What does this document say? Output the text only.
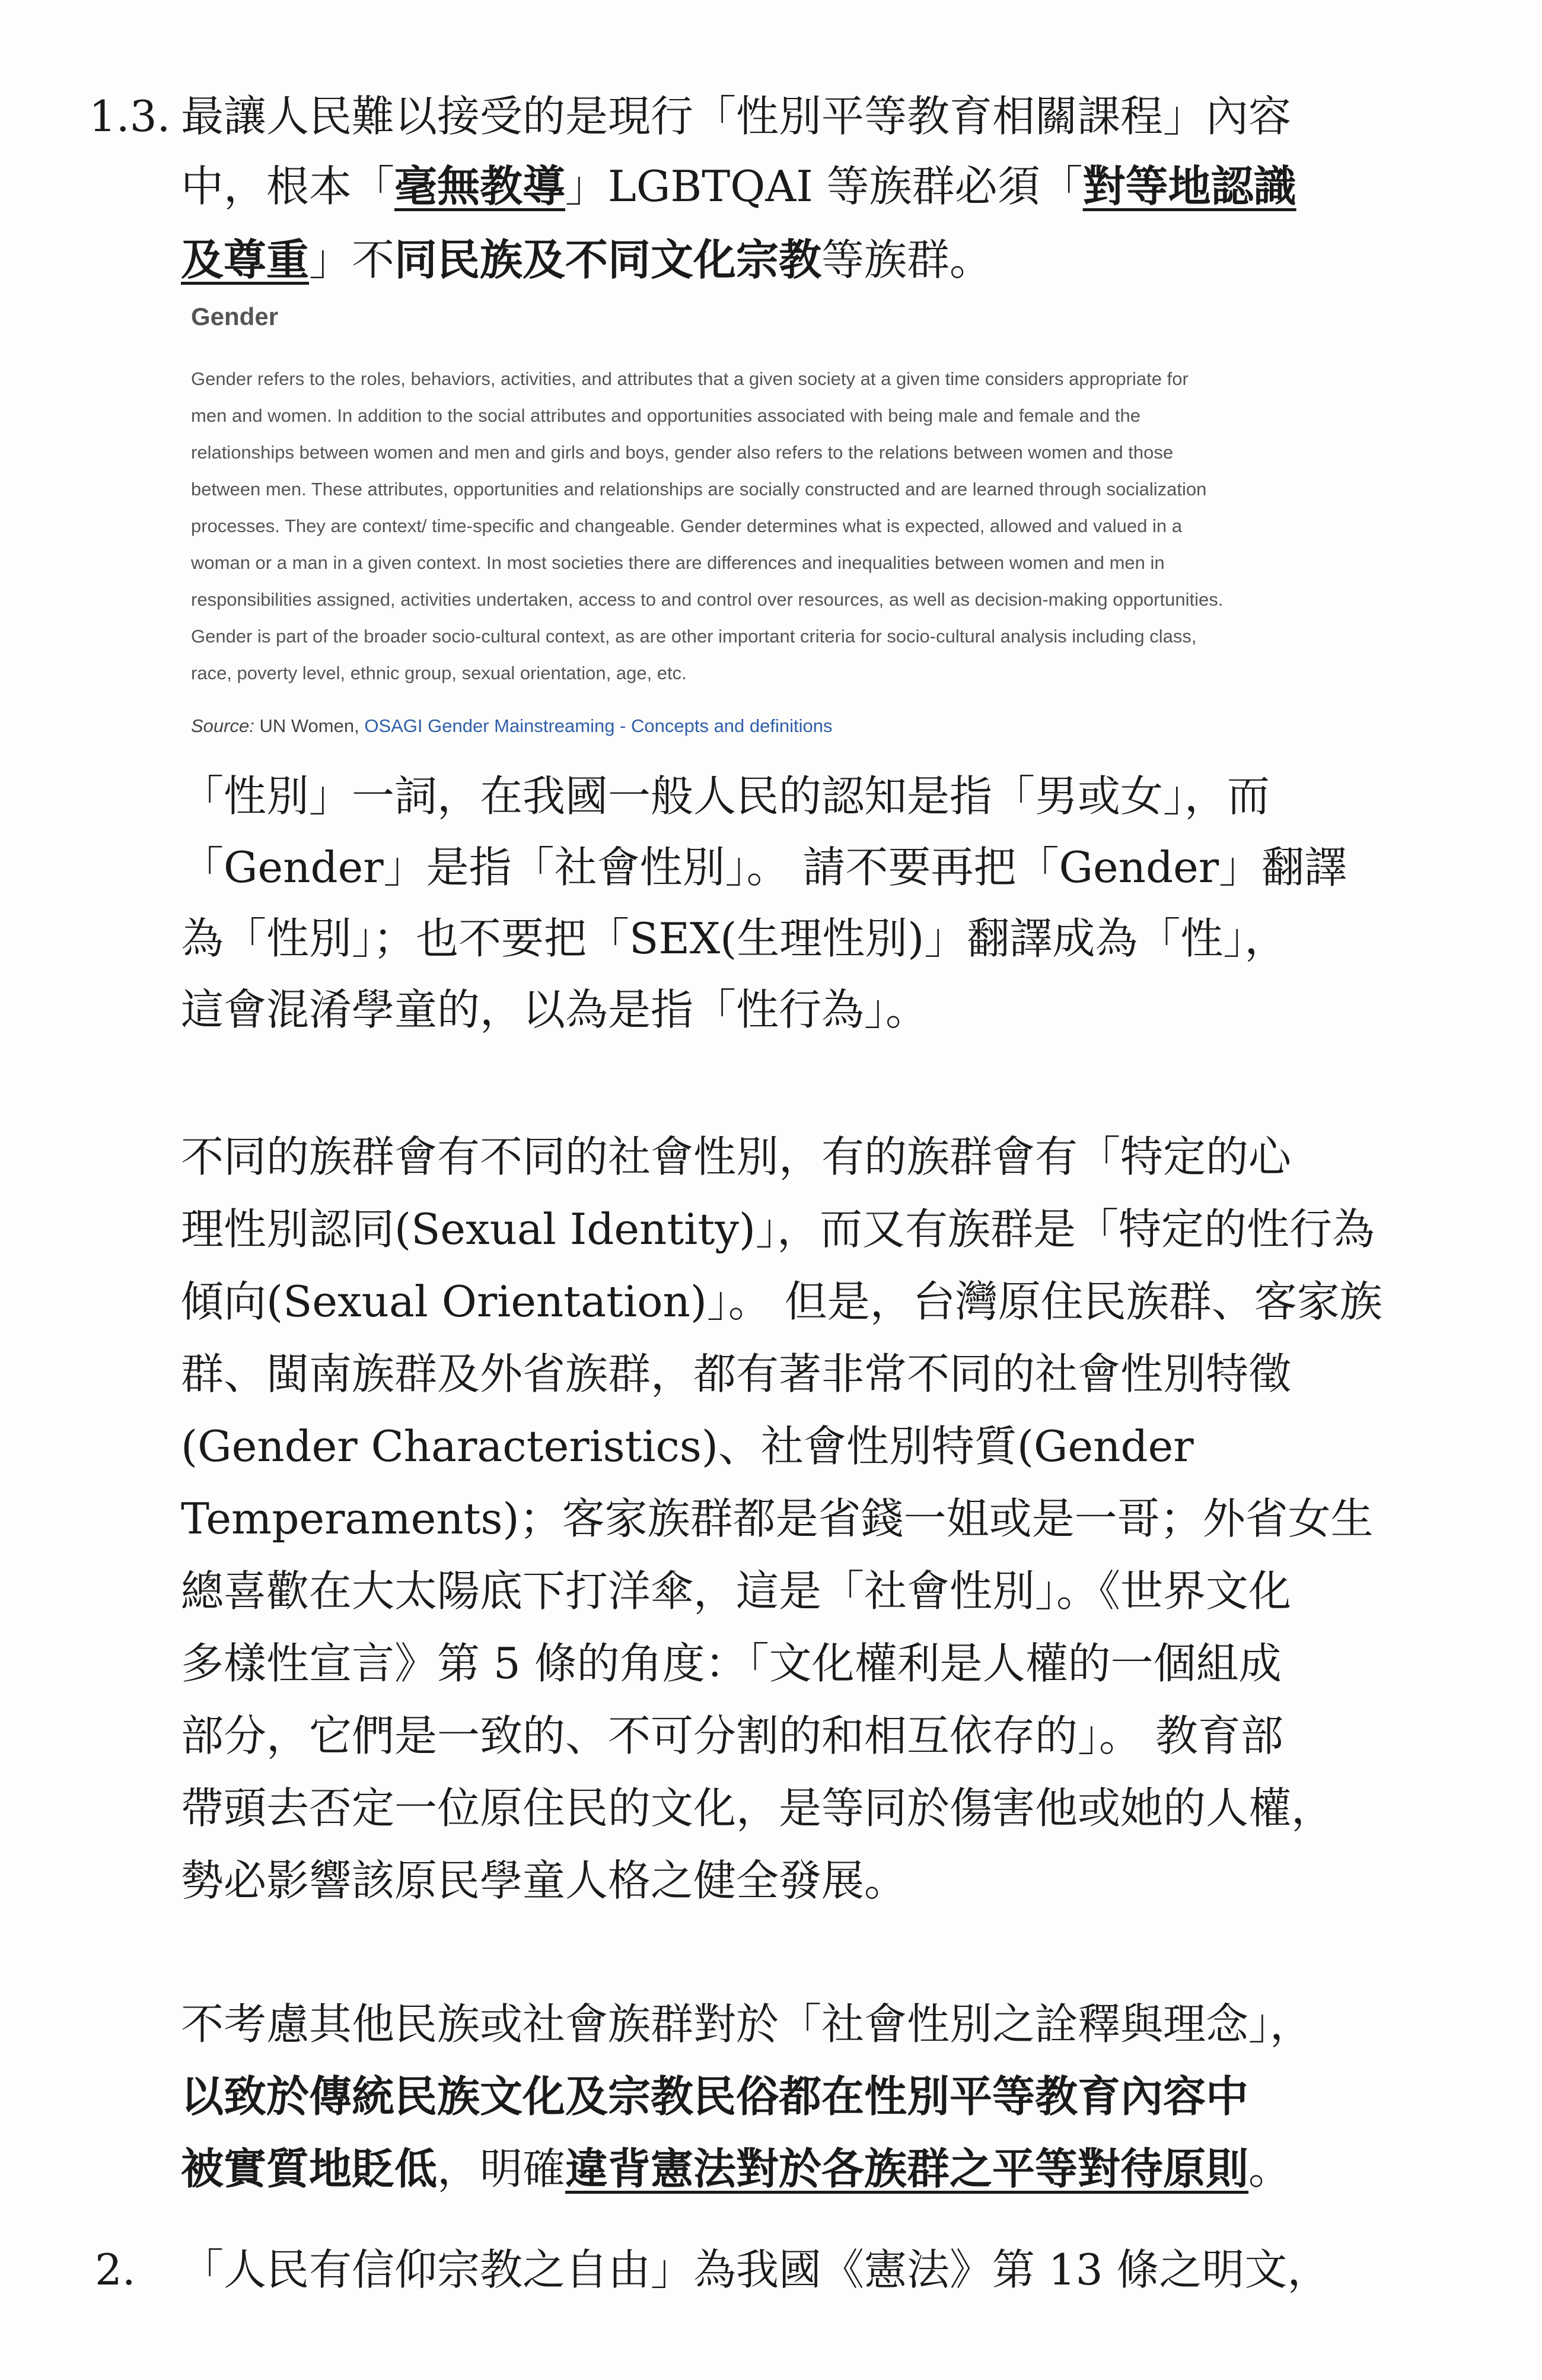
1.3. 最讓人民難以接受的是現行「性別平等教育相關課程」內容
中，根本「毫無教導」LGBTQAI 等族群必須「對等地認識
及尊重」不同民族及不同文化宗教等族群。

Gender

Gender refers to the roles, behaviors, activities, and attributes that a given society at a given time considers appropriate for
men and women. In addition to the social attributes and opportunities associated with being male and female and the
relationships between women and men and girls and boys, gender also refers to the relations between women and those
between men. These attributes, opportunities and relationships are socially constructed and are learned through socialization
processes. They are context/ time-specific and changeable. Gender determines what is expected, allowed and valued in a
woman or a man in a given context. In most societies there are differences and inequalities between women and men in
responsibilities assigned, activities undertaken, access to and control over resources, as well as decision-making opportunities.
Gender is part of the broader socio-cultural context, as are other important criteria for socio-cultural analysis including class,
race, poverty level, ethnic group, sexual orientation, age, etc.

Source: UN Women, OSAGI Gender Mainstreaming - Concepts and definitions
「性別」一詞，在我國一般人民的認知是指「男或女」，而
「Gender」是指「社會性別」。 請不要再把「Gender」翻譯
為「性別」；也不要把「SEX(生理性別)」翻譯成為「性」，
這會混淆學童的，以為是指「性行為」。
不同的族群會有不同的社會性別，有的族群會有「特定的心
理性別認同(Sexual Identity)」，而又有族群是「特定的性行為
傾向(Sexual Orientation)」。 但是，台灣原住民族群、客家族
群、閩南族群及外省族群，都有著非常不同的社會性別特徵
(Gender Characteristics)、社會性別特質(Gender
Temperaments)；客家族群都是省錢一姐或是一哥；外省女生
總喜歡在大太陽底下打洋傘，這是「社會性別」。《世界文化
多樣性宣言》第 5 條的角度：「文化權利是人權的一個組成
部分，它們是一致的、不可分割的和相互依存的」。 教育部
帶頭去否定一位原住民的文化，是等同於傷害他或她的人權，
勢必影響該原民學童人格之健全發展。
不考慮其他民族或社會族群對於「社會性別之詮釋與理念」，
以致於傳統民族文化及宗教民俗都在性別平等教育內容中
被實質地貶低，明確違背憲法對於各族群之平等對待原則。
2. 「人民有信仰宗教之自由」為我國《憲法》第 13 條之明文，
